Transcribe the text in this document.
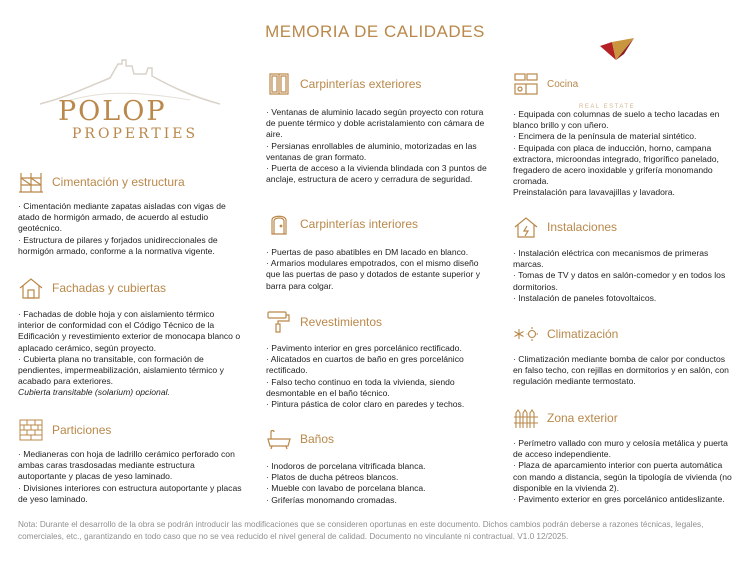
MEMORIA DE CALIDADES
POLOP
PROPERTIES
Cimentación y estructura

· Cimentación mediante zapatas aisladas con vigas de atado de hormigón armado, de acuerdo al estudio geotécnico.

· Estructura de pilares y forjados unidireccionales de hormigón armado, conforme a la normativa vigente.

Fachadas y cubiertas

· Fachadas de doble hoja y con aislamiento térmico interior de conformidad con el Código Técnico de la Edificación y revestimiento exterior de monocapa blanco o aplacado cerámico, según proyecto.

· Cubierta plana no transitable, con formación de pendientes, impermeabilización, aislamiento térmico y acabado para exteriores.

Cubierta transitable (solarium) opcional.

Particiones

· Medianeras con hoja de ladrillo cerámico perforado con ambas caras trasdosadas mediante estructura autoportante y placas de yeso laminado.

· Divisiones interiores con estructura autoportante y placas de yeso laminado.

Carpinterías exteriores

· Ventanas de aluminio lacado según proyecto con rotura de puente térmico y doble acristalamiento con cámara de aire.

· Persianas enrollables de aluminio, motorizadas en las ventanas de gran formato.

· Puerta de acceso a la vivienda blindada con 3 puntos de anclaje, estructura de acero y cerradura de seguridad.

Carpinterías interiores

· Puertas de paso abatibles en DM lacado en blanco.

· Armarios modulares empotrados, con el mismo diseño que las puertas de paso y dotados de estante superior y barra para colgar.

Revestimientos

· Pavimento interior en gres porcelánico rectificado.

· Alicatados en cuartos de baño en gres porcelánico rectificado.

· Falso techo continuo en toda la vivienda, siendo desmontable en el baño técnico.

· Pintura pástica de color claro en paredes y techos.

Baños

· Inodoros de porcelana vitrificada blanca.

· Platos de ducha pétreos blancos.

· Mueble con lavabo de porcelana blanca.

· Griferías monomando cromadas.

Cocina
REAL ESTATE

· Equipada con columnas de suelo a techo lacadas en blanco brillo y con uñero.

· Encimera de la península de material sintético.

· Equipada con placa de inducción, horno, campana extractora, microondas integrado, frigorífico panelado, fregadero de acero inoxidable y grifería monomando cromada.

Preinstalación para lavavajillas y lavadora.

Instalaciones

· Instalación eléctrica con mecanismos de primeras marcas.

· Tomas de TV y datos en salón-comedor y en todos los dormitorios.

· Instalación de paneles fotovoltaicos.

Climatización

· Climatización mediante bomba de calor por conductos en falso techo, con rejillas en dormitorios y en salón, con regulación mediante termostato.

Zona exterior

· Perímetro vallado con muro y celosía metálica y puerta de acceso independiente.

· Plaza de aparcamiento interior con puerta automática con mando a distancia, según la tipología de vivienda (no disponible en la vivienda 2).

· Pavimento exterior en gres porcelánico antideslizante.

Nota: Durante el desarrollo de la obra se podrán introducir las modificaciones que se consideren oportunas en este documento. Dichos cambios podrán deberse a razones técnicas, legales, comerciales, etc., garantizando en todo caso que no se vea reducido el nivel general de calidad. Documento no vinculante ni contractual. V1.0 12/2025.
